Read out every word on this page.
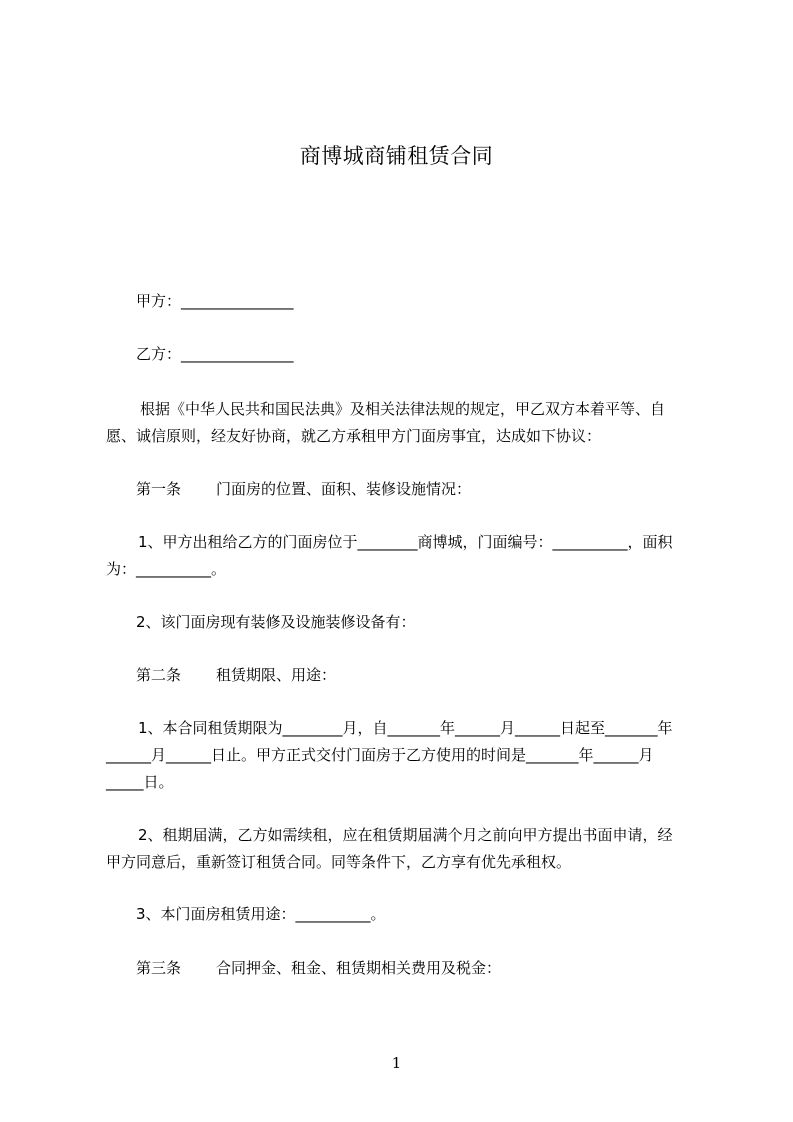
商博城商铺租赁合同
甲方：_______________
乙方：_______________
根据《中华人民共和国民法典》及相关法律法规的规定，甲乙双方本着平等、自
愿、诚信原则，经友好协商，就乙方承租甲方门面房事宜，达成如下协议：
第一条 门面房的位置、面积、装修设施情况：
1、甲方出租给乙方的门面房位于________商博城，门面编号：__________，面积
为：__________。
2、该门面房现有装修及设施装修设备有：
第二条 租赁期限、用途：
1、本合同租赁期限为________月，自_______年______月______日起至_______年
______月______日止。甲方正式交付门面房于乙方使用的时间是_______年______月
_____日。
2、租期届满，乙方如需续租，应在租赁期届满个月之前向甲方提出书面申请，经
甲方同意后，重新签订租赁合同。同等条件下，乙方享有优先承租权。
3、本门面房租赁用途：__________。
第三条 合同押金、租金、租赁期相关费用及税金：
1
